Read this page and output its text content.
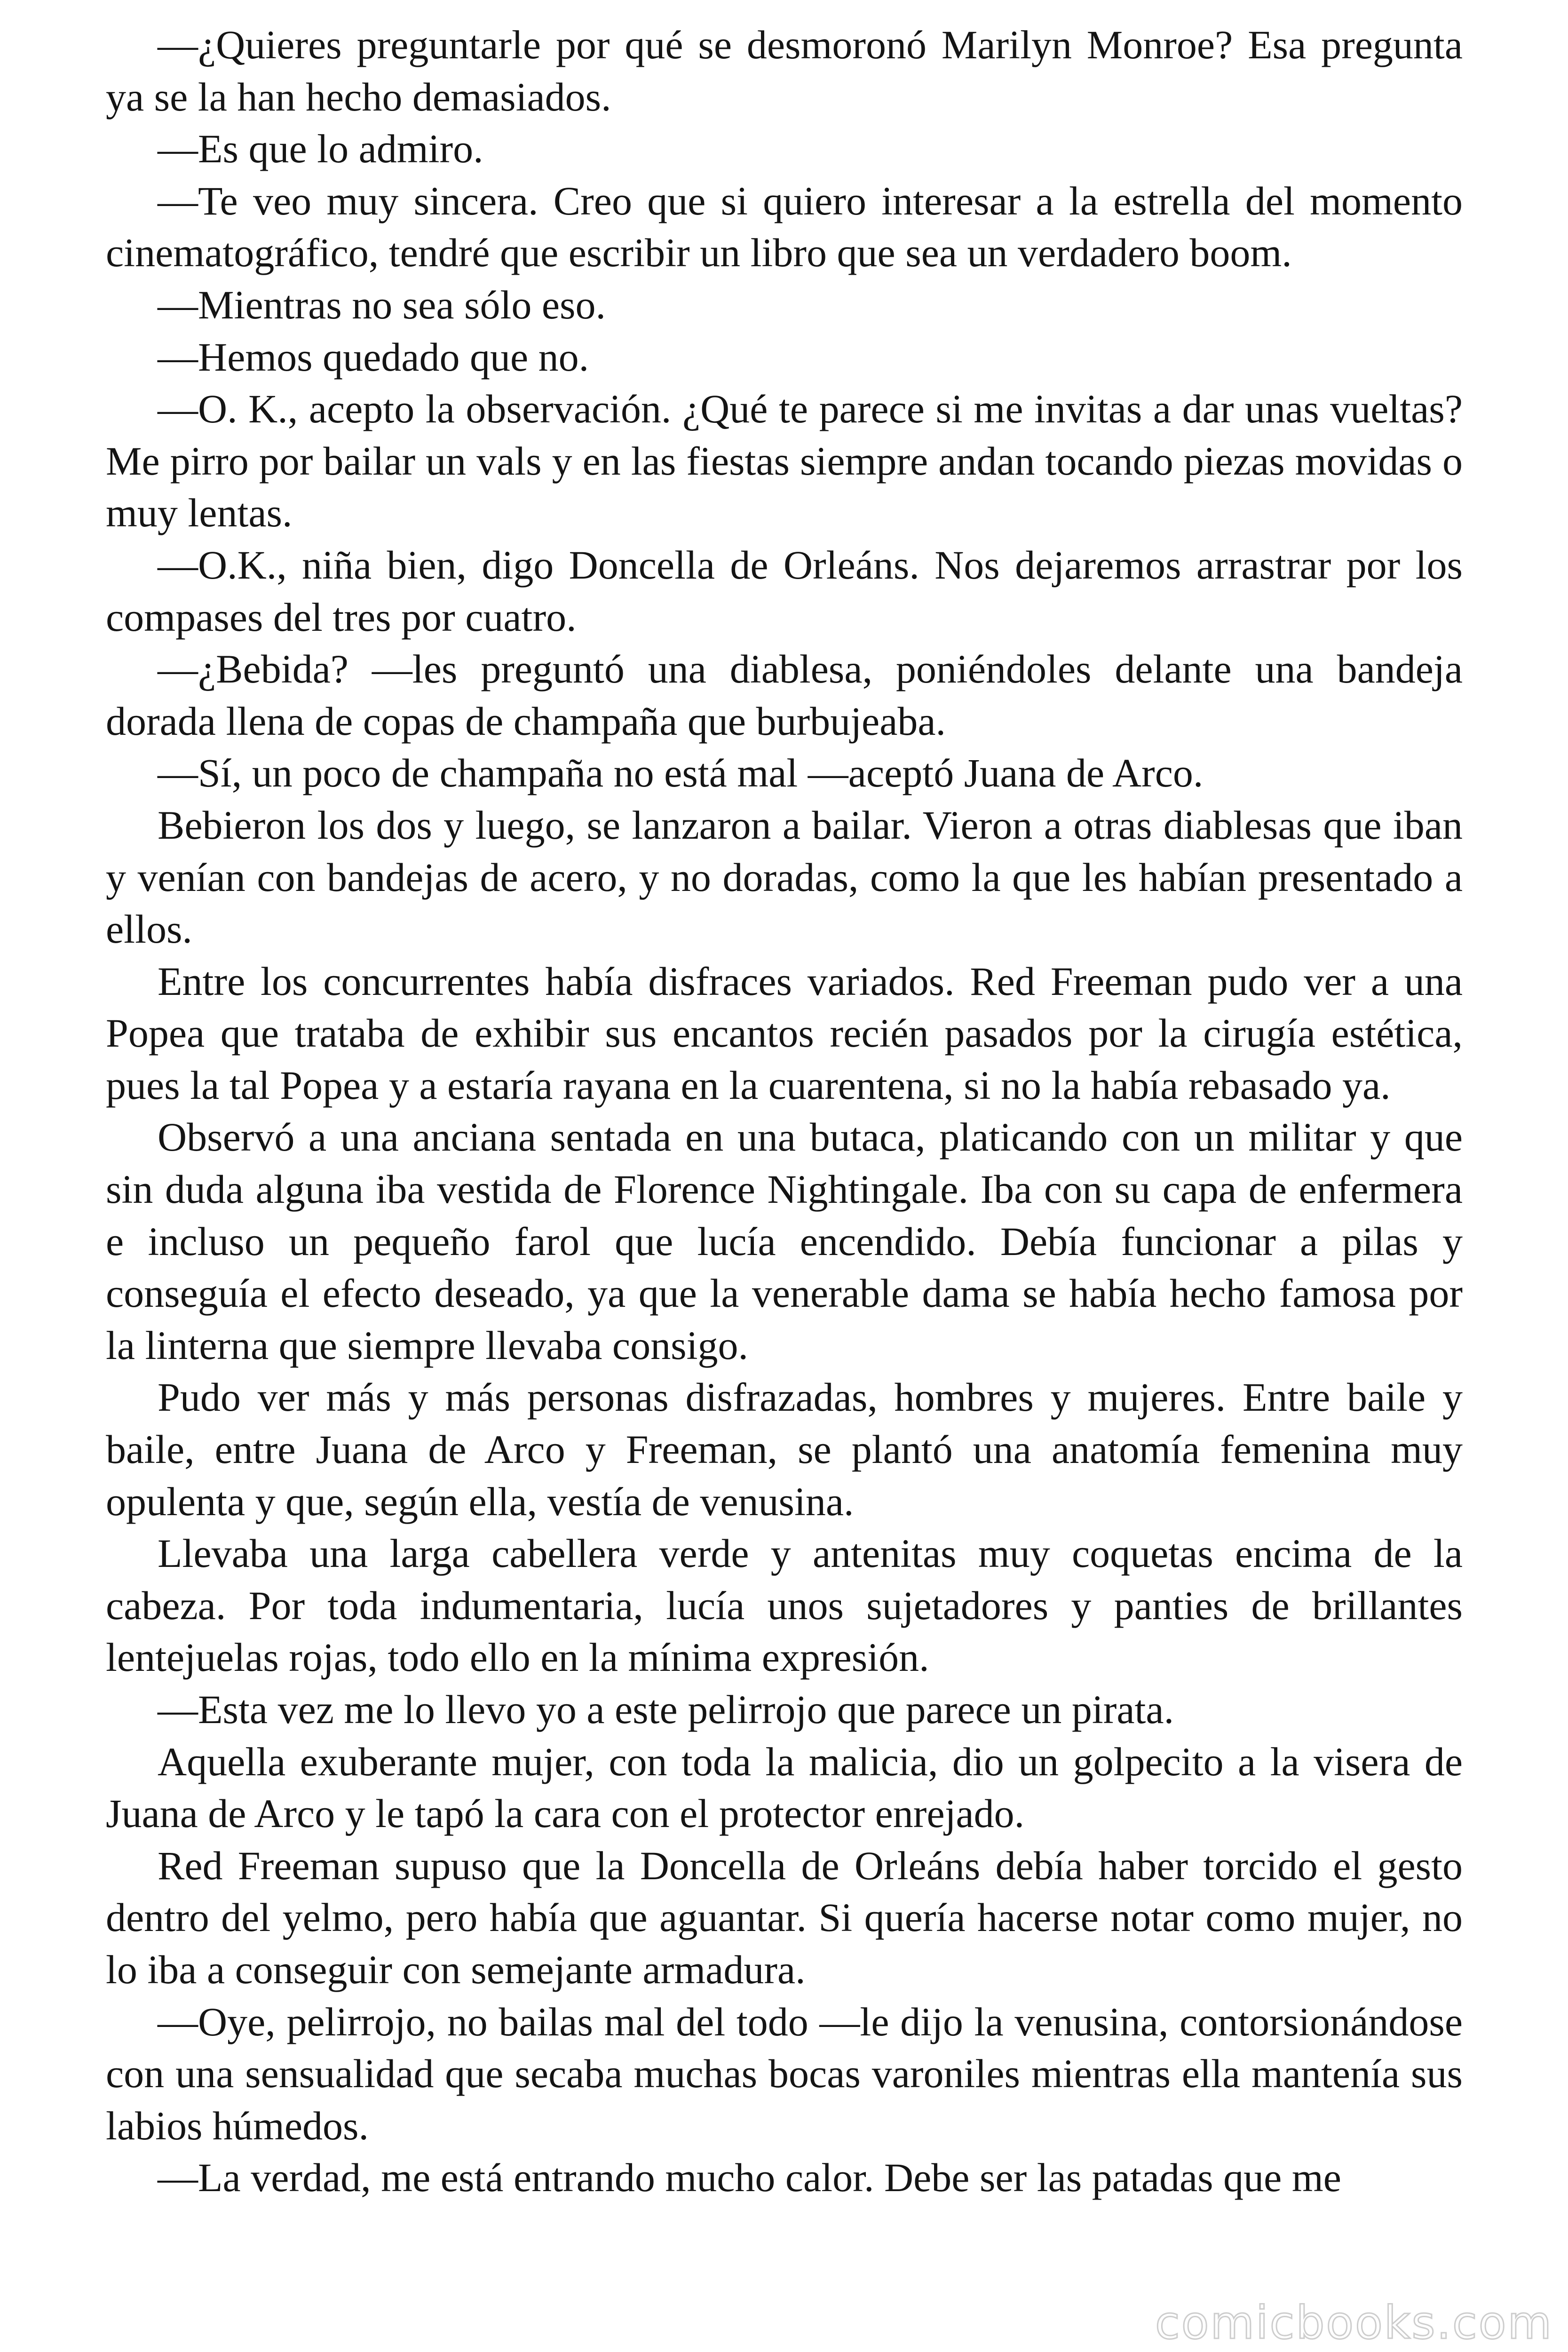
—¿Quieres preguntarle por qué se desmoronó Marilyn Monroe? Esa pregunta ya se la han hecho demasiados.

—Es que lo admiro.

—Te veo muy sincera. Creo que si quiero interesar a la estrella del momento cinematográfico, tendré que escribir un libro que sea un verdadero boom.

—Mientras no sea sólo eso.

—Hemos quedado que no.

—O. K., acepto la observación. ¿Qué te parece si me invitas a dar unas vueltas? Me pirro por bailar un vals y en las fiestas siempre andan tocando piezas movidas o muy lentas.

—O.K., niña bien, digo Doncella de Orleáns. Nos dejaremos arrastrar por los compases del tres por cuatro.

—¿Bebida? —les preguntó una diablesa, poniéndoles delante una bandeja dorada llena de copas de champaña que burbujeaba.

—Sí, un poco de champaña no está mal —aceptó Juana de Arco.

Bebieron los dos y luego, se lanzaron a bailar. Vieron a otras diablesas que iban y venían con bandejas de acero, y no doradas, como la que les habían presentado a ellos.

Entre los concurrentes había disfraces variados. Red Freeman pudo ver a una Popea que trataba de exhibir sus encantos recién pasados por la cirugía estética, pues la tal Popea y a estaría rayana en la cuarentena, si no la había rebasado ya.

Observó a una anciana sentada en una butaca, platicando con un militar y que sin duda alguna iba vestida de Florence Nightingale. Iba con su capa de enfermera e incluso un pequeño farol que lucía encendido. Debía funcionar a pilas y conseguía el efecto deseado, ya que la venerable dama se había hecho famosa por la linterna que siempre llevaba consigo.

Pudo ver más y más personas disfrazadas, hombres y mujeres. Entre baile y baile, entre Juana de Arco y Freeman, se plantó una anatomía femenina muy opulenta y que, según ella, vestía de venusina.

Llevaba una larga cabellera verde y antenitas muy coquetas encima de la cabeza. Por toda indumentaria, lucía unos sujetadores y panties de brillantes lentejuelas rojas, todo ello en la mínima expresión.

—Esta vez me lo llevo yo a este pelirrojo que parece un pirata.

Aquella exuberante mujer, con toda la malicia, dio un golpecito a la visera de Juana de Arco y le tapó la cara con el protector enrejado.

Red Freeman supuso que la Doncella de Orleáns debía haber torcido el gesto dentro del yelmo, pero había que aguantar. Si quería hacerse notar como mujer, no lo iba a conseguir con semejante armadura.

—Oye, pelirrojo, no bailas mal del todo —le dijo la venusina, contorsionándose con una sensualidad que secaba muchas bocas varoniles mientras ella mantenía sus labios húmedos.

—La verdad, me está entrando mucho calor. Debe ser las patadas que me

comicbooks.com
